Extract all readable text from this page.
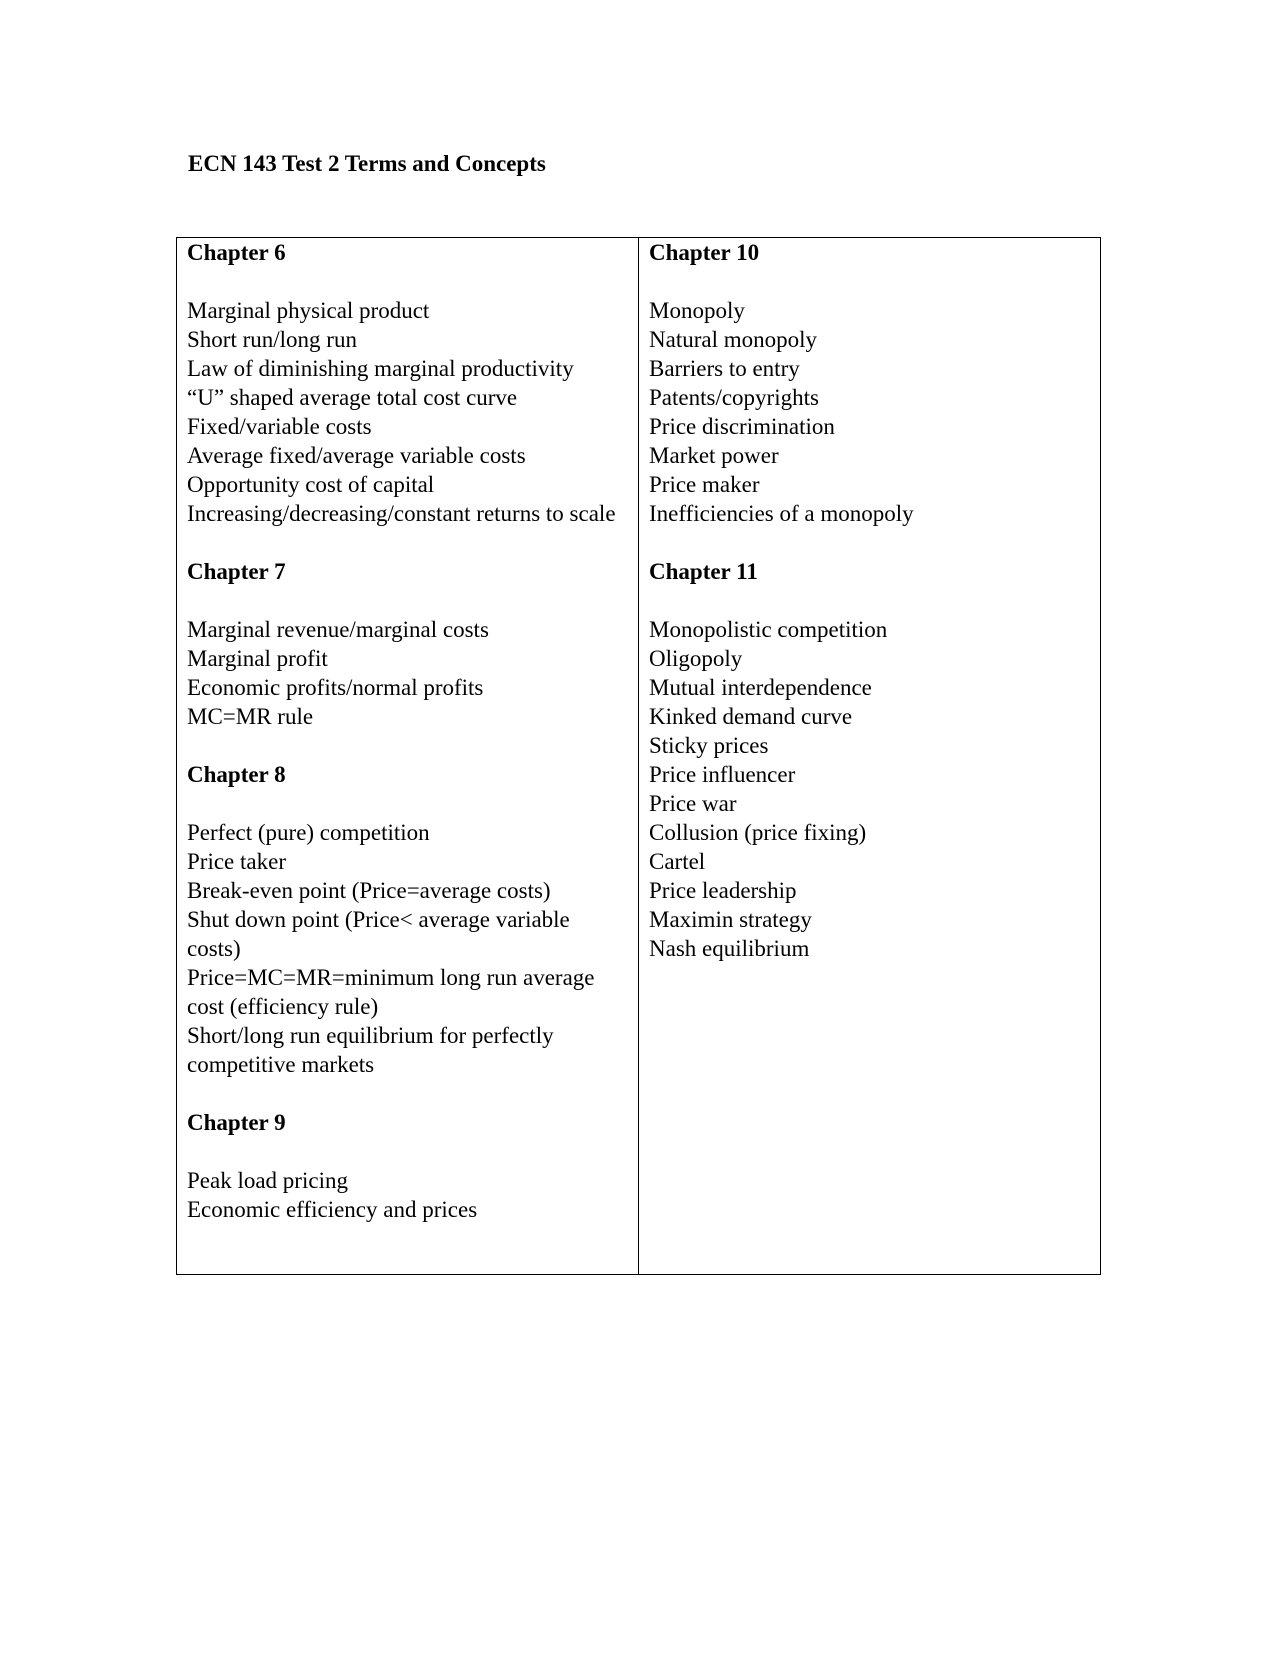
ECN 143 Test 2 Terms and Concepts
Chapter 6
Marginal physical product
Short run/long run
Law of diminishing marginal productivity
“U” shaped average total cost curve
Fixed/variable costs
Average fixed/average variable costs
Opportunity cost of capital
Increasing/decreasing/constant returns to scale
Chapter 7
Marginal revenue/marginal costs
Marginal profit
Economic profits/normal profits
MC=MR rule
Chapter 8
Perfect (pure) competition
Price taker
Break-even point (Price=average costs)
Shut down point (Price< average variable costs)
Price=MC=MR=minimum long run average cost (efficiency rule)
Short/long run equilibrium for perfectly competitive markets
Chapter 9
Peak load pricing
Economic efficiency and prices
Chapter 10
Monopoly
Natural monopoly
Barriers to entry
Patents/copyrights
Price discrimination
Market power
Price maker
Inefficiencies of a monopoly
Chapter 11
Monopolistic competition
Oligopoly
Mutual interdependence
Kinked demand curve
Sticky prices
Price influencer
Price war
Collusion (price fixing)
Cartel
Price leadership
Maximin strategy
Nash equilibrium
